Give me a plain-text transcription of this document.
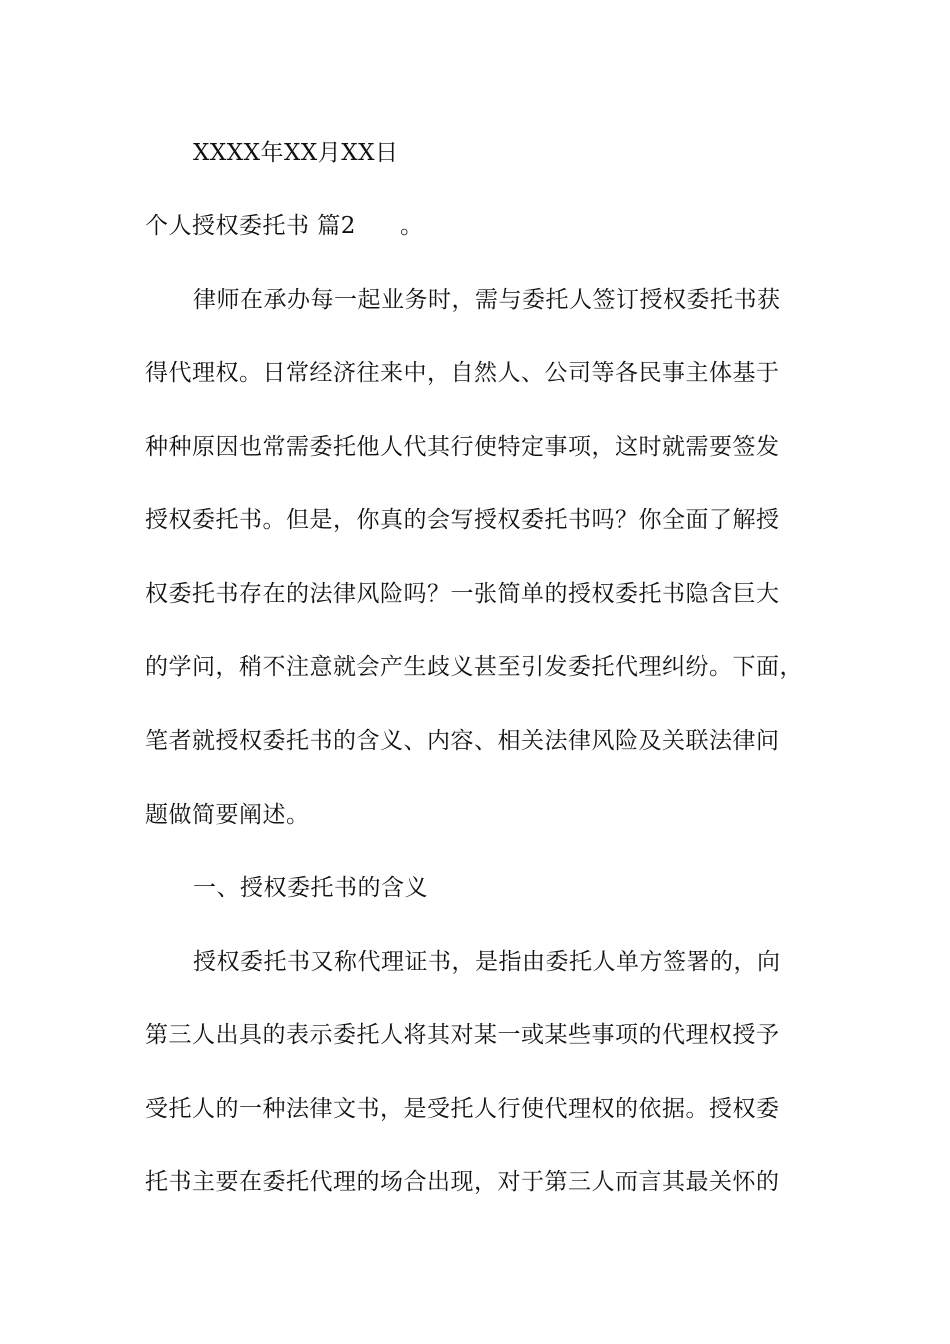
XXXX年XX月XX日
个人授权委托书 篇2 。
律师在承办每一起业务时，需与委托人签订授权委托书获
得代理权。日常经济往来中，自然人、公司等各民事主体基于
种种原因也常需委托他人代其行使特定事项，这时就需要签发
授权委托书。但是，你真的会写授权委托书吗？你全面了解授
权委托书存在的法律风险吗？一张简单的授权委托书隐含巨大
的学问，稍不注意就会产生歧义甚至引发委托代理纠纷。下面，
笔者就授权委托书的含义、内容、相关法律风险及关联法律问
题做简要阐述。
一、授权委托书的含义
授权委托书又称代理证书，是指由委托人单方签署的，向
第三人出具的表示委托人将其对某一或某些事项的代理权授予
受托人的一种法律文书，是受托人行使代理权的依据。授权委
托书主要在委托代理的场合出现，对于第三人而言其最关怀的
